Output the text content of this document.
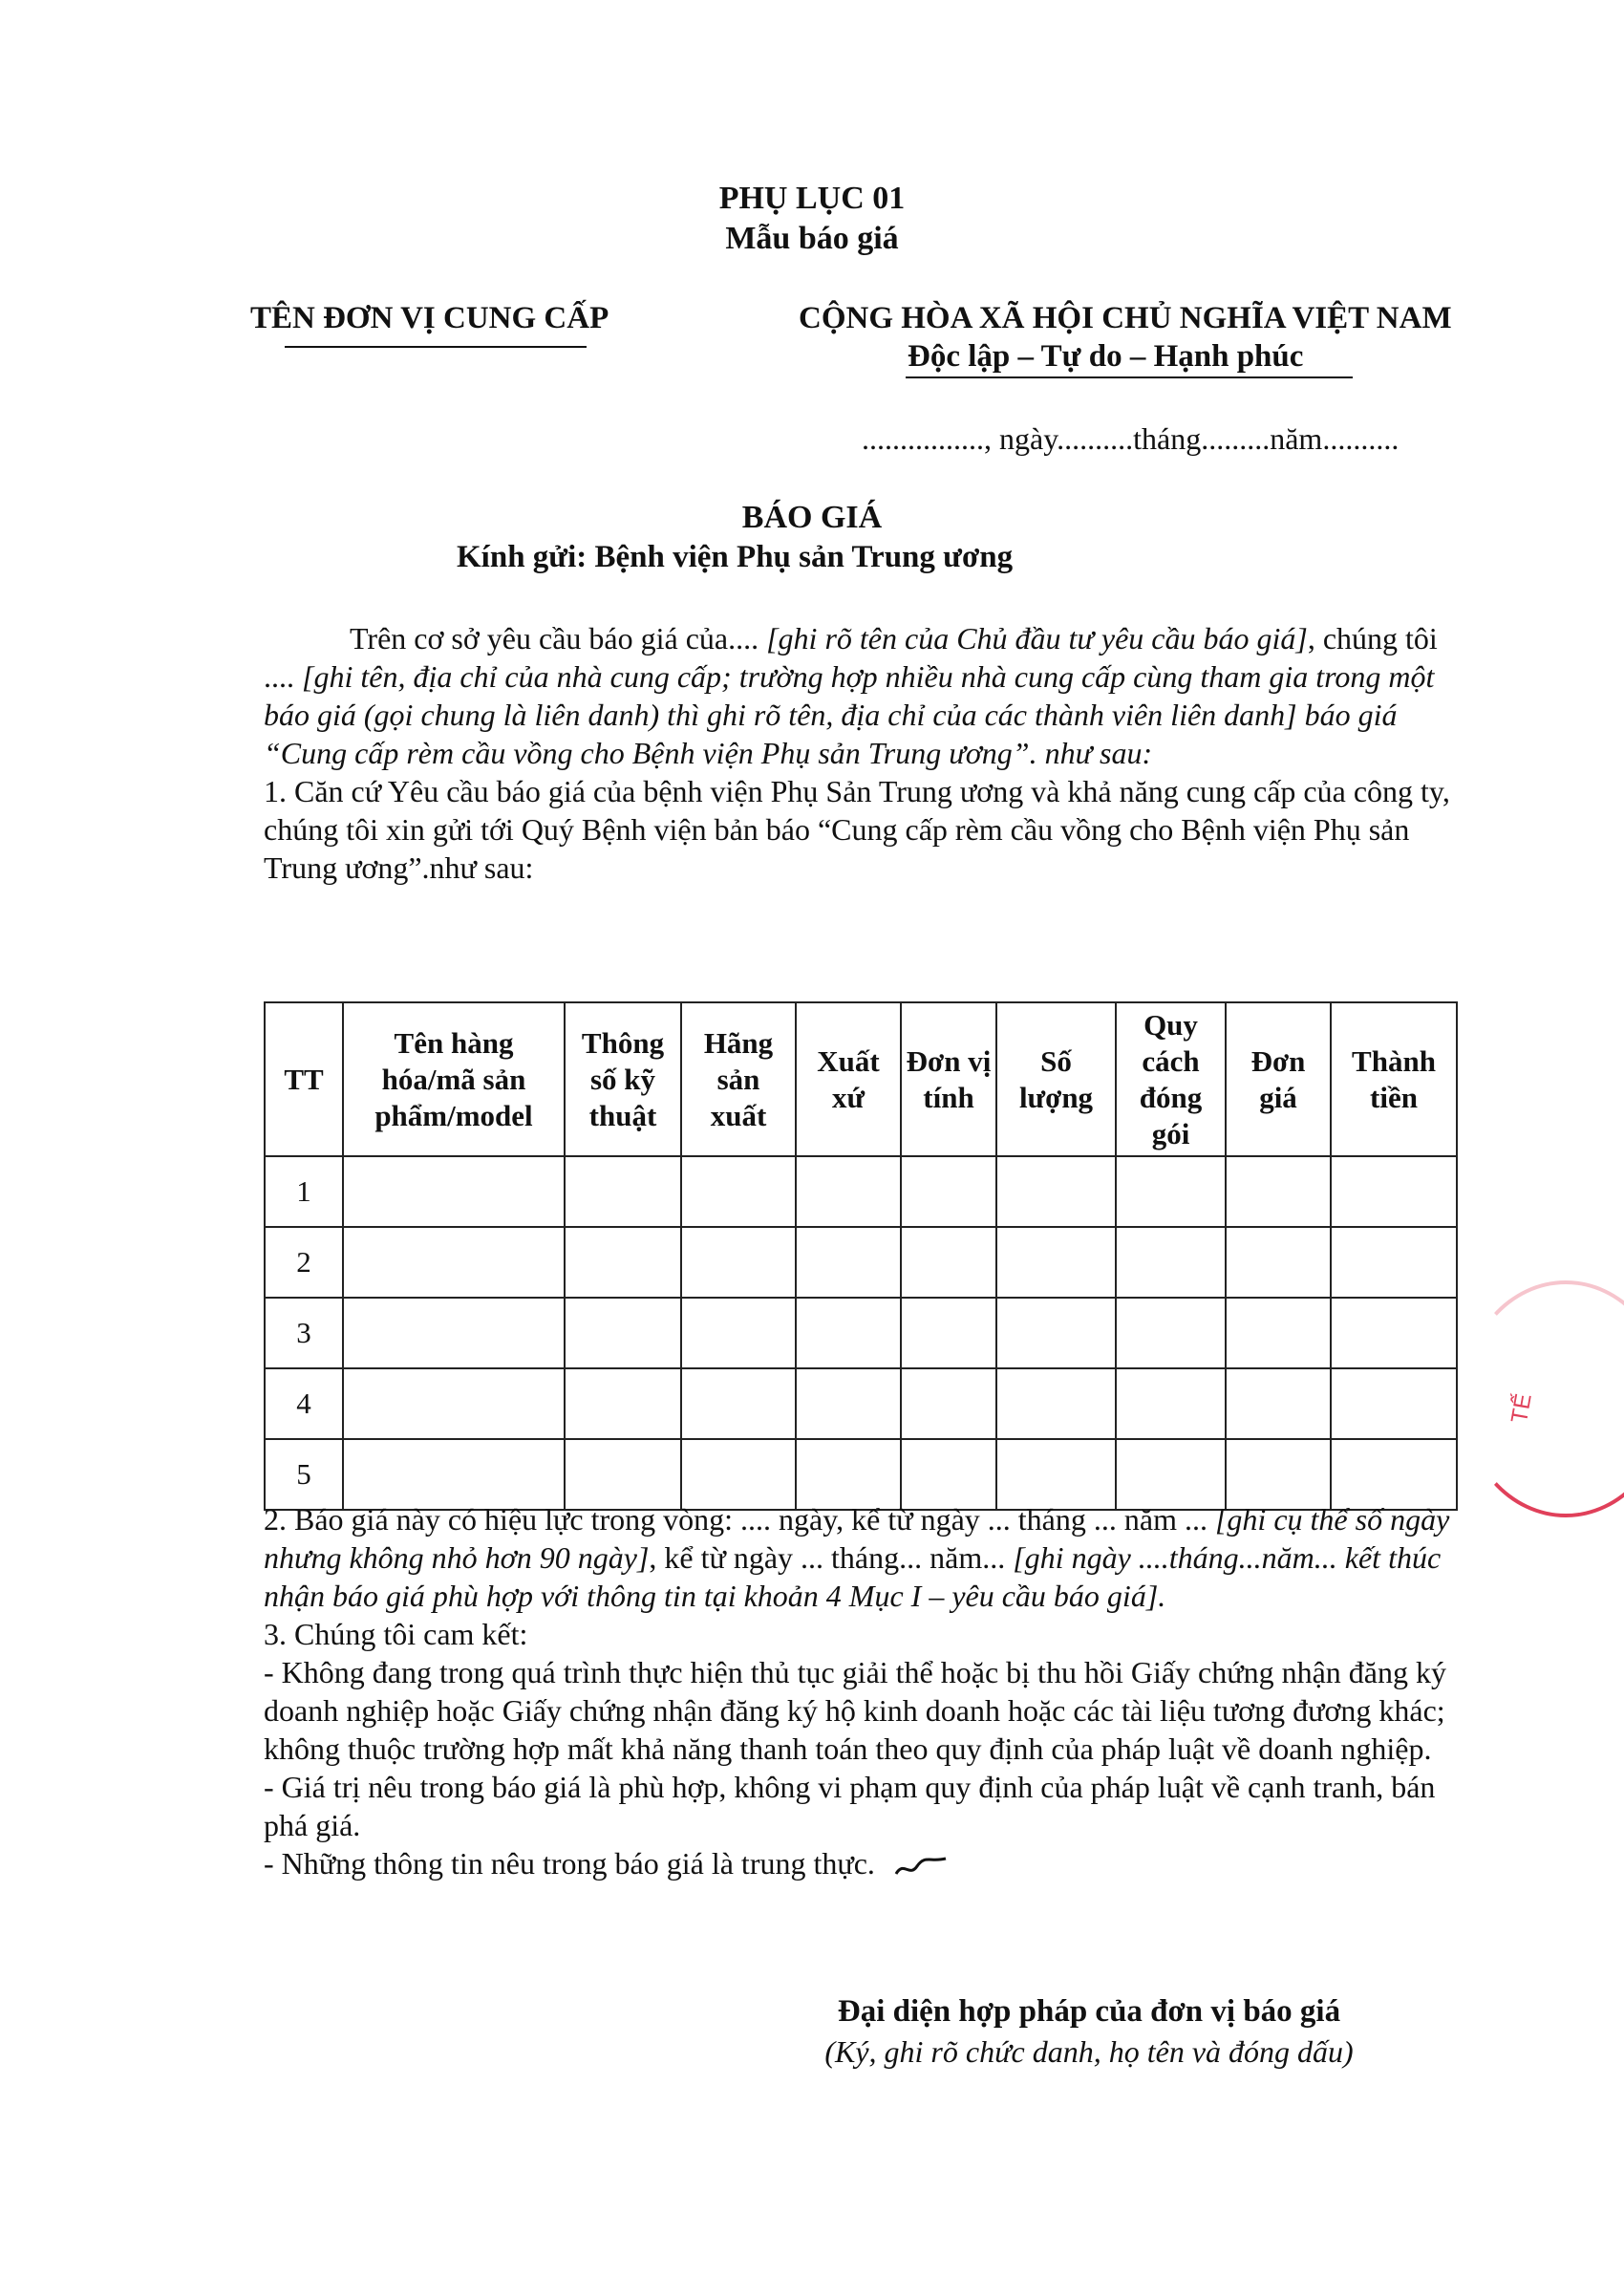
PHỤ LỤC 01
Mẫu báo giá
TÊN ĐƠN VỊ CUNG CẤP	CỘNG HÒA XÃ HỘI CHỦ NGHĨA VIỆT NAM
Độc lập – Tự do – Hạnh phúc
................, ngày..........tháng.........năm..........
BÁO GIÁ
Kính gửi: Bệnh viện Phụ sản Trung ương

Trên cơ sở yêu cầu báo giá của.... [ghi rõ tên của Chủ đầu tư yêu cầu báo giá], chúng tôi .... [ghi tên, địa chỉ của nhà cung cấp; trường hợp nhiều nhà cung cấp cùng tham gia trong một báo giá (gọi chung là liên danh) thì ghi rõ tên, địa chỉ của các thành viên liên danh] báo giá “Cung cấp rèm cầu vồng cho Bệnh viện Phụ sản Trung ương”. như sau:

1. Căn cứ Yêu cầu báo giá của bệnh viện Phụ Sản Trung ương và khả năng cung cấp của công ty, chúng tôi xin gửi tới Quý Bệnh viện bản báo “Cung cấp rèm cầu vồng cho Bệnh viện Phụ sản Trung ương”.như sau:

TT	Tên hàng hóa/mã sản phẩm/model	Thông số kỹ thuật	Hãng sản xuất	Xuất xứ	Đơn vị tính	Số lượng	Quy cách đóng gói	Đơn giá	Thành tiền
1									
2									
3									
4									
5									

2. Báo giá này có hiệu lực trong vòng: .... ngày, kể từ ngày ... tháng ... năm ... [ghi cụ thể số ngày nhưng không nhỏ hơn 90 ngày], kể từ ngày ... tháng... năm... [ghi ngày ....tháng...năm... kết thúc nhận báo giá phù hợp với thông tin tại khoản 4 Mục I – yêu cầu báo giá].

3. Chúng tôi cam kết:

- Không đang trong quá trình thực hiện thủ tục giải thể hoặc bị thu hồi Giấy chứng nhận đăng ký doanh nghiệp hoặc Giấy chứng nhận đăng ký hộ kinh doanh hoặc các tài liệu tương đương khác; không thuộc trường hợp mất khả năng thanh toán theo quy định của pháp luật về doanh nghiệp.

- Giá trị nêu trong báo giá là phù hợp, không vi phạm quy định của pháp luật về cạnh tranh, bán phá giá.

- Những thông tin nêu trong báo giá là trung thực.

Đại diện hợp pháp của đơn vị báo giá
(Ký, ghi rõ chức danh, họ tên và đóng dấu)
TẾ
